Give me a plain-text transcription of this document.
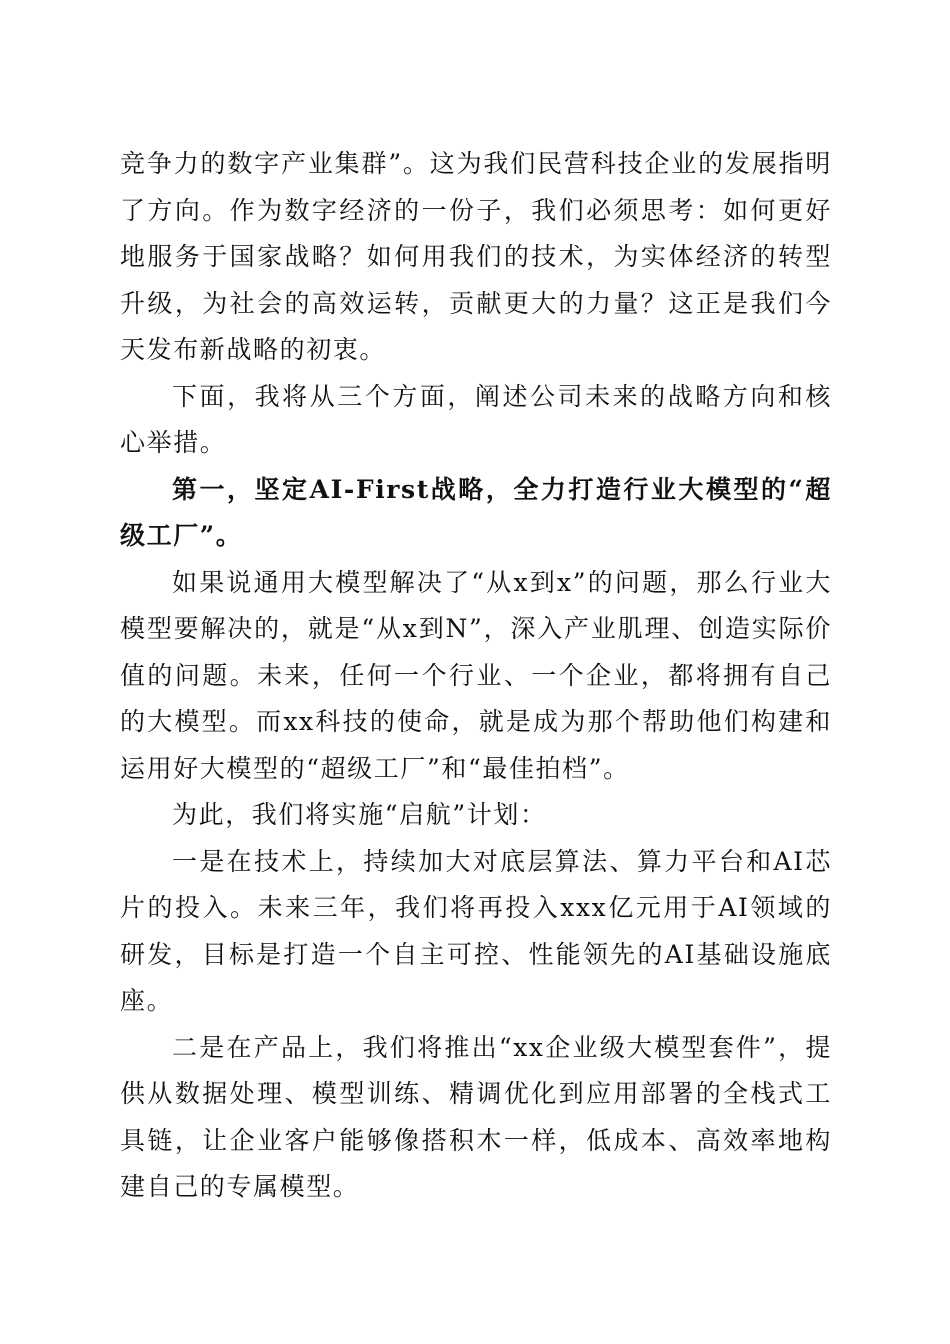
竞争力的数字产业集群”。这为我们民营科技企业的发展指明了方向。作为数字经济的一份子，我们必须思考：如何更好地服务于国家战略？如何用我们的技术，为实体经济的转型升级，为社会的高效运转，贡献更大的力量？这正是我们今天发布新战略的初衷。

下面，我将从三个方面，阐述公司未来的战略方向和核心举措。

第一，坚定AI-First战略，全力打造行业大模型的“超级工厂”。

如果说通用大模型解决了“从x到x”的问题，那么行业大模型要解决的，就是“从x到N”，深入产业肌理、创造实际价值的问题。未来，任何一个行业、一个企业，都将拥有自己的大模型。而xx科技的使命，就是成为那个帮助他们构建和运用好大模型的“超级工厂”和“最佳拍档”。

为此，我们将实施“启航”计划：

一是在技术上，持续加大对底层算法、算力平台和AI芯片的投入。未来三年，我们将再投入xxx亿元用于AI领域的研发，目标是打造一个自主可控、性能领先的AI基础设施底座。

二是在产品上，我们将推出“xx企业级大模型套件”，提供从数据处理、模型训练、精调优化到应用部署的全栈式工具链，让企业客户能够像搭积木一样，低成本、高效率地构建自己的专属模型。
